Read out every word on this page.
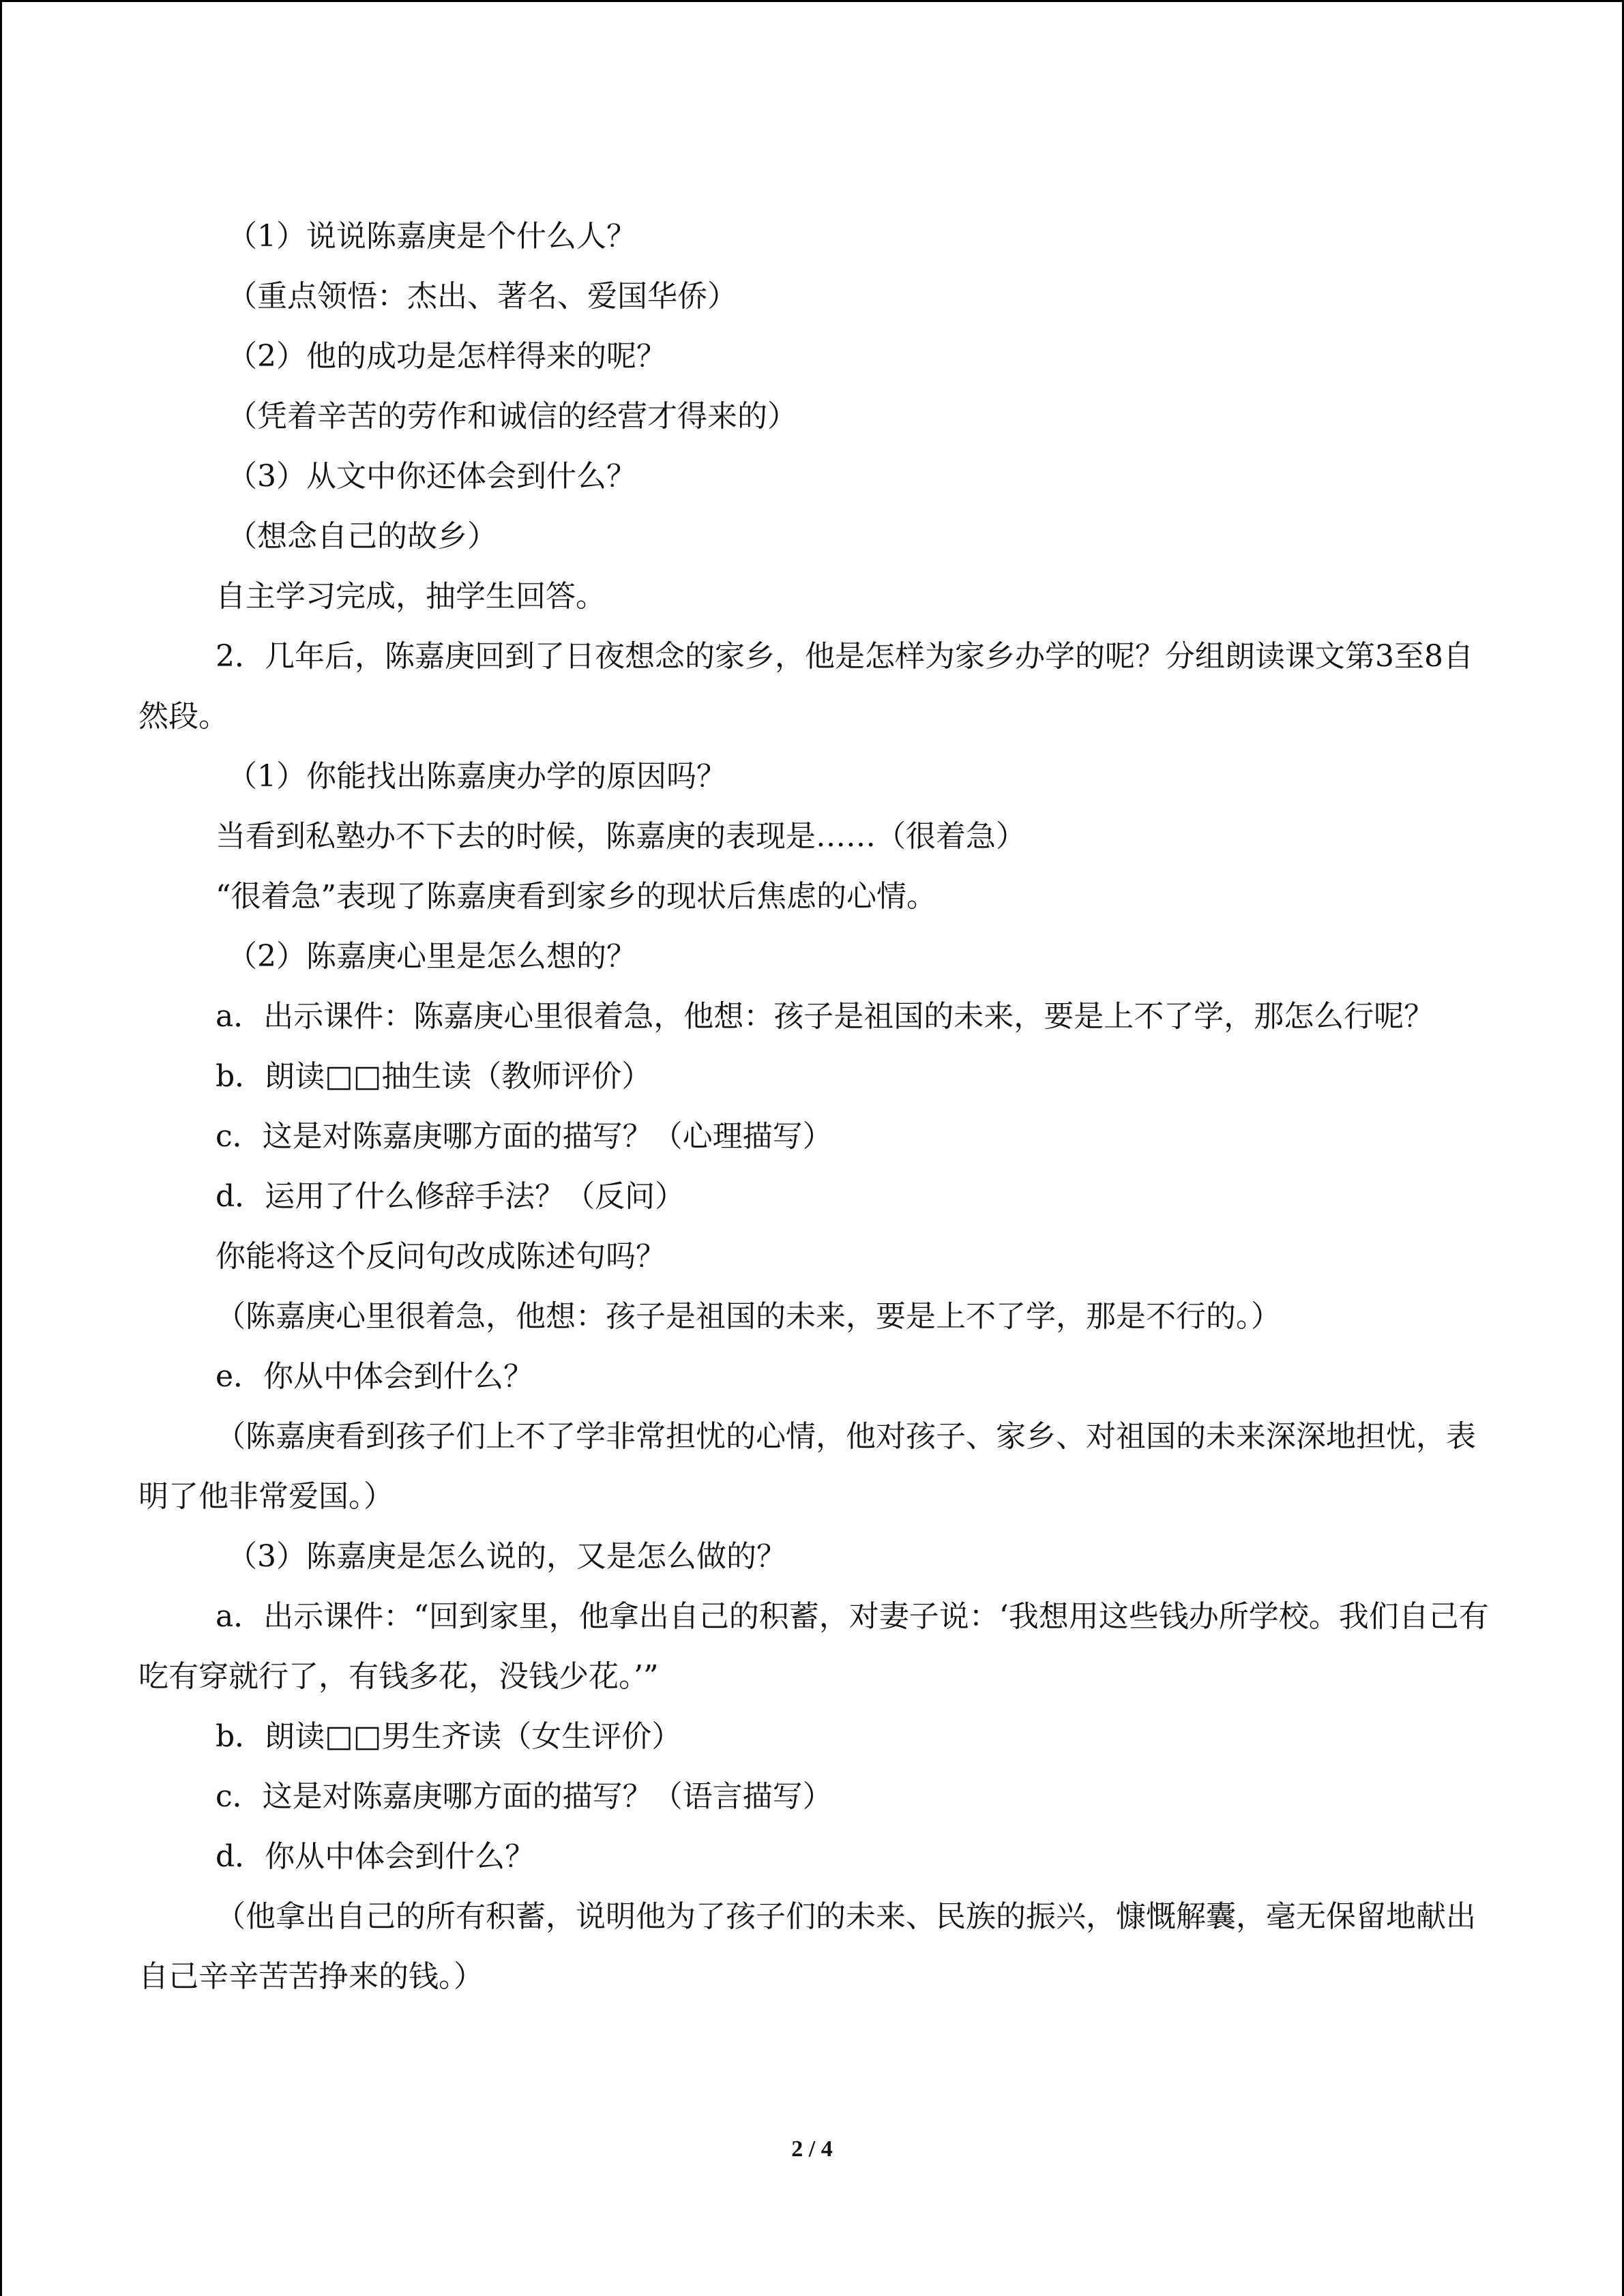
（1）说说陈嘉庚是个什么人？

（重点领悟：杰出、著名、爱国华侨）

（2）他的成功是怎样得来的呢？

（凭着辛苦的劳作和诚信的经营才得来的）

（3）从文中你还体会到什么？

（想念自己的故乡）

自主学习完成，抽学生回答。

2．几年后，陈嘉庚回到了日夜想念的家乡，他是怎样为家乡办学的呢？分组朗读课文第3至8自然段。

（1）你能找出陈嘉庚办学的原因吗？

当看到私塾办不下去的时候，陈嘉庚的表现是……（很着急）

“很着急”表现了陈嘉庚看到家乡的现状后焦虑的心情。

（2）陈嘉庚心里是怎么想的？

a．出示课件：陈嘉庚心里很着急，他想：孩子是祖国的未来，要是上不了学，那怎么行呢？

b．朗读□□抽生读（教师评价）

c．这是对陈嘉庚哪方面的描写？（心理描写）

d．运用了什么修辞手法？（反问）

你能将这个反问句改成陈述句吗？

（陈嘉庚心里很着急，他想：孩子是祖国的未来，要是上不了学，那是不行的。）

e．你从中体会到什么？

（陈嘉庚看到孩子们上不了学非常担忧的心情，他对孩子、家乡、对祖国的未来深深地担忧，表明了他非常爱国。）

（3）陈嘉庚是怎么说的，又是怎么做的？

a．出示课件：“回到家里，他拿出自己的积蓄，对妻子说：‘我想用这些钱办所学校。我们自己有吃有穿就行了，有钱多花，没钱少花。’”

b．朗读□□男生齐读（女生评价）

c．这是对陈嘉庚哪方面的描写？（语言描写）

d．你从中体会到什么？

（他拿出自己的所有积蓄，说明他为了孩子们的未来、民族的振兴，慷慨解囊，毫无保留地献出自己辛辛苦苦挣来的钱。）

2 / 4
